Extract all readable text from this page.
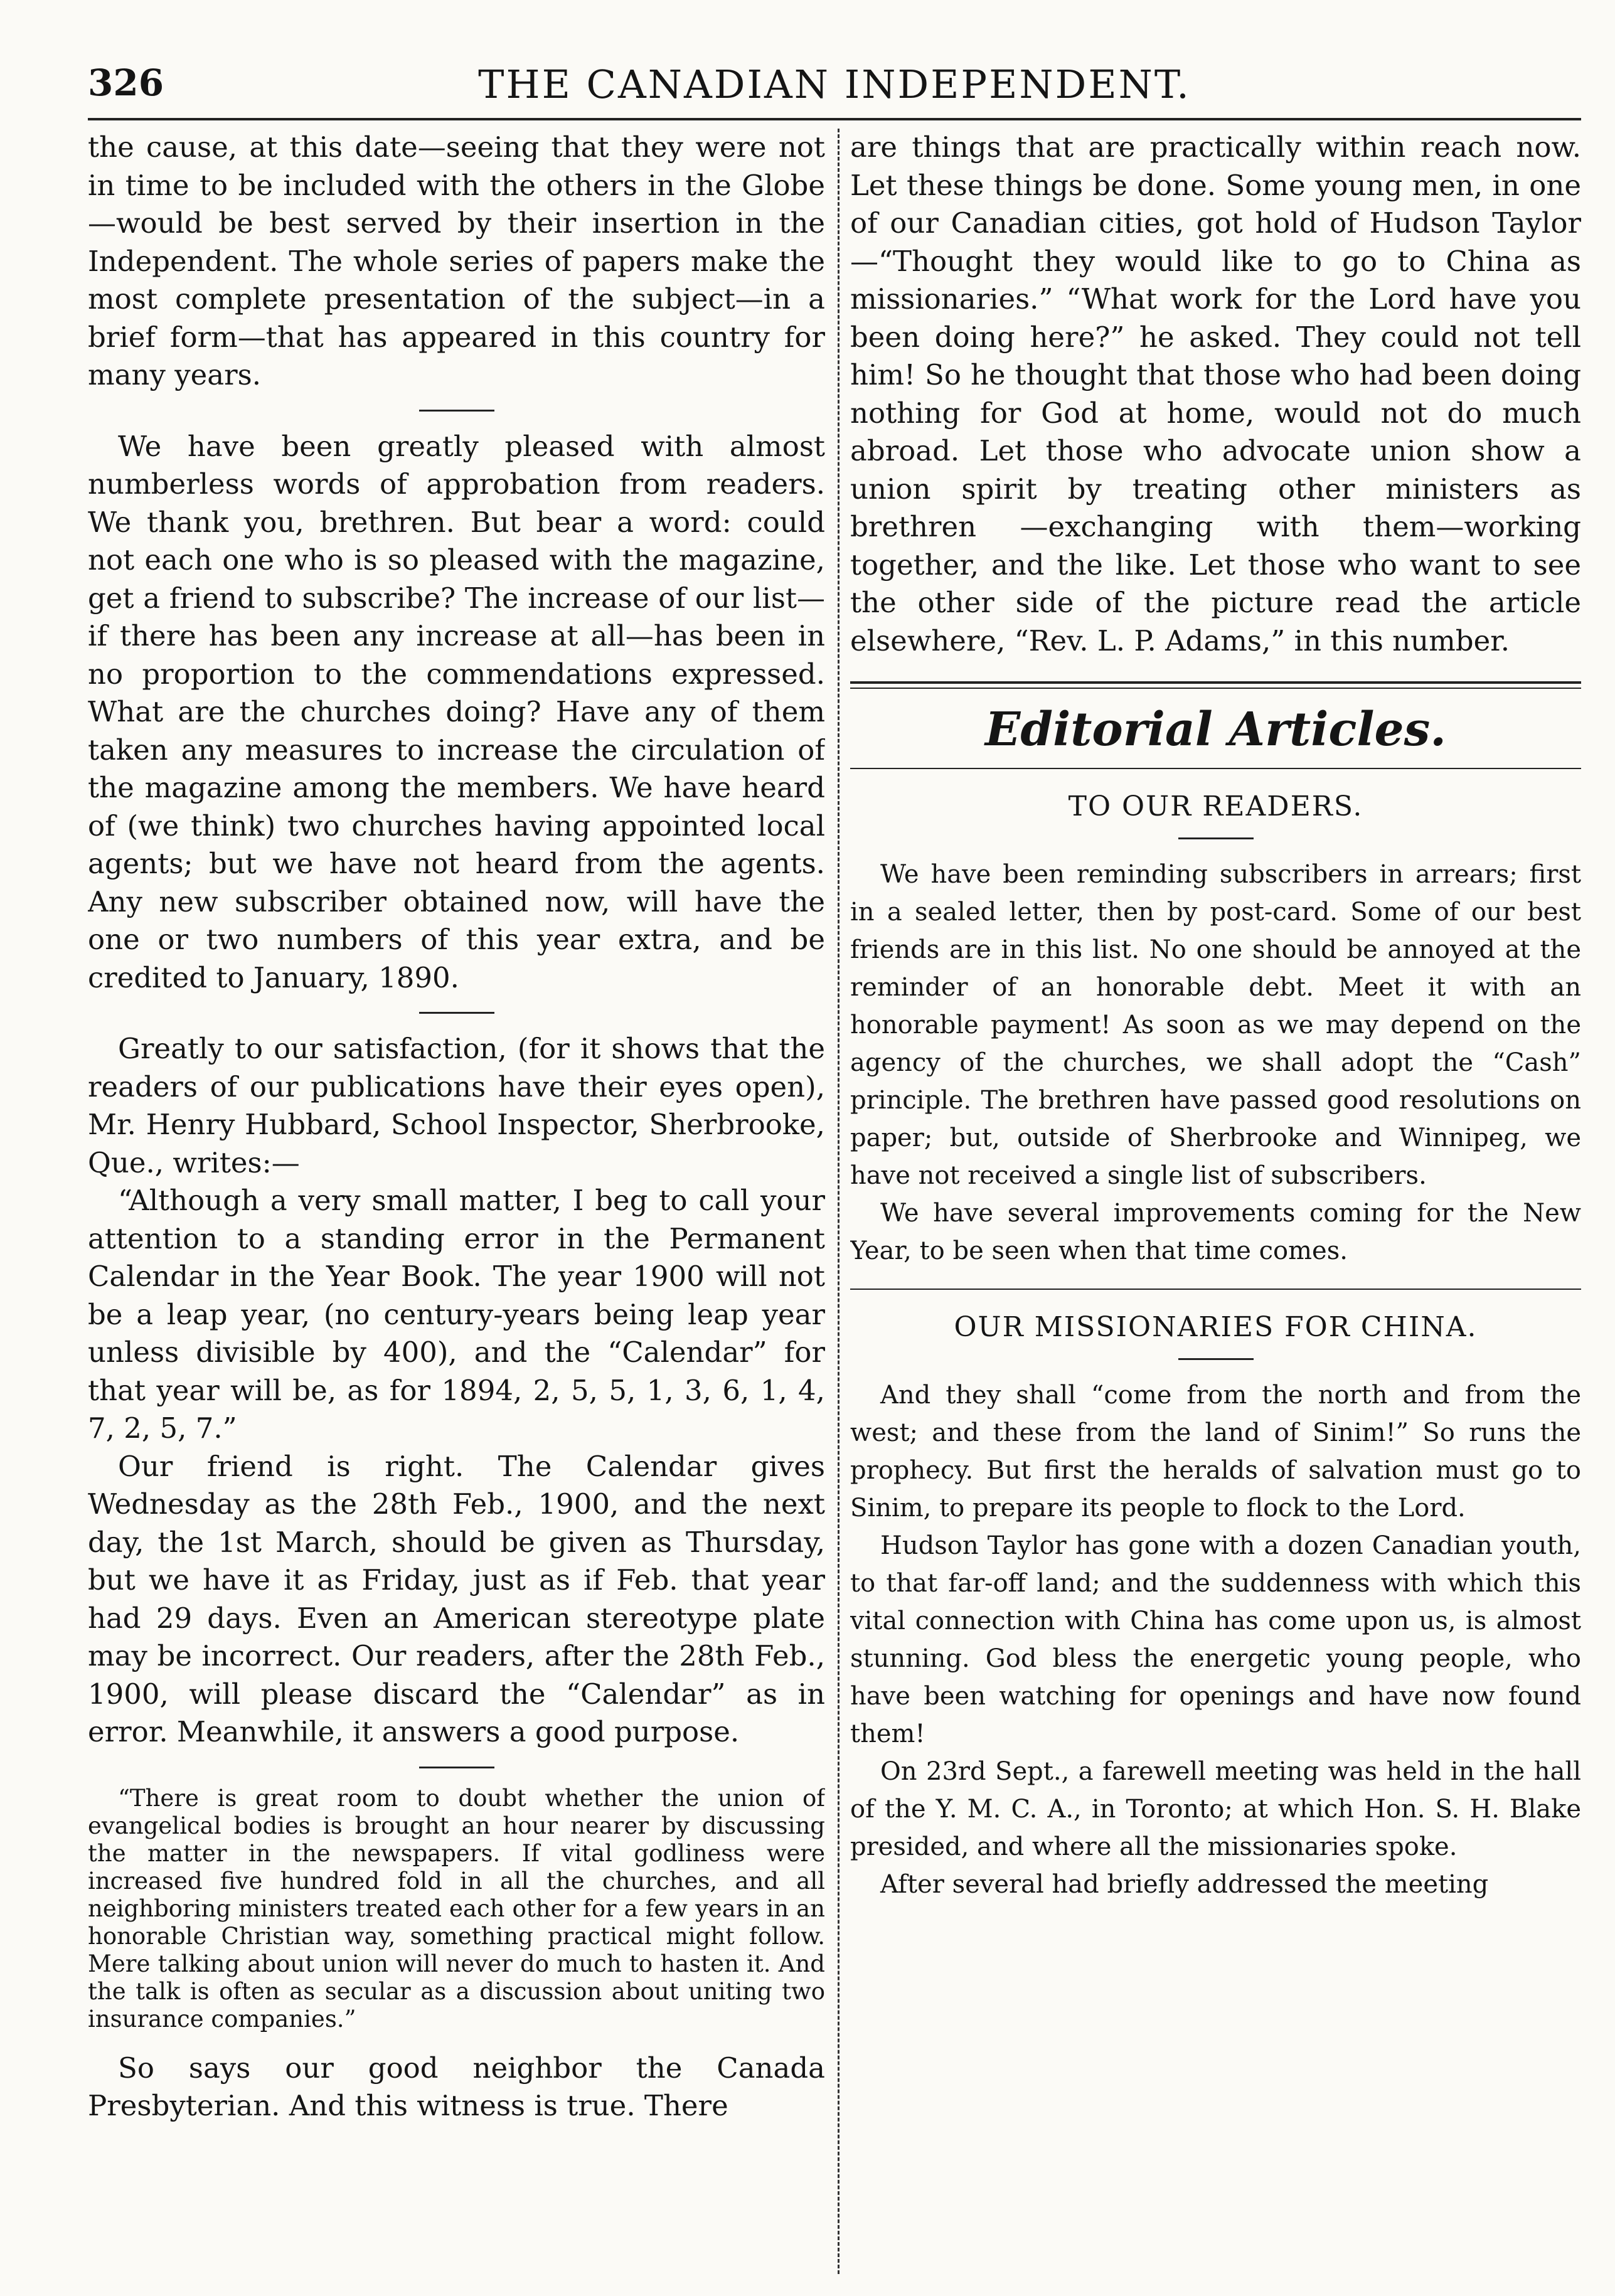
326	THE CANADIAN INDEPENDENT.

the cause, at this date—seeing that they were not in time to be included with the others in the Globe—would be best served by their insertion in the Independent. The whole series of papers make the most complete presentation of the subject—in a brief form—that has appeared in this country for many years.

We have been greatly pleased with almost numberless words of approbation from readers. We thank you, brethren. But bear a word: could not each one who is so pleased with the magazine, get a friend to subscribe? The increase of our list—if there has been any increase at all—has been in no proportion to the commendations expressed. What are the churches doing? Have any of them taken any measures to increase the circulation of the magazine among the members. We have heard of (we think) two churches having appointed local agents; but we have not heard from the agents. Any new subscriber obtained now, will have the one or two numbers of this year extra, and be credited to January, 1890.

Greatly to our satisfaction, (for it shows that the readers of our publications have their eyes open), Mr. Henry Hubbard, School Inspector, Sherbrooke, Que., writes:—

“Although a very small matter, I beg to call your attention to a standing error in the Permanent Calendar in the Year Book. The year 1900 will not be a leap year, (no century-years being leap year unless divisible by 400), and the “Calendar” for that year will be, as for 1894, 2, 5, 5, 1, 3, 6, 1, 4, 7, 2, 5, 7.”

Our friend is right. The Calendar gives Wednesday as the 28th Feb., 1900, and the next day, the 1st March, should be given as Thursday, but we have it as Friday, just as if Feb. that year had 29 days. Even an American stereotype plate may be incorrect. Our readers, after the 28th Feb., 1900, will please discard the “Calendar” as in error. Meanwhile, it answers a good purpose.

“There is great room to doubt whether the union of evangelical bodies is brought an hour nearer by discussing the matter in the newspapers. If vital godliness were increased five hundred fold in all the churches, and all neighboring ministers treated each other for a few years in an honorable Christian way, something practical might follow. Mere talking about union will never do much to hasten it. And the talk is often as secular as a discussion about uniting two insurance companies.”

So says our good neighbor the Canada Presbyterian. And this witness is true. There

are things that are practically within reach now. Let these things be done. Some young men, in one of our Canadian cities, got hold of Hudson Taylor—“Thought they would like to go to China as missionaries.” “What work for the Lord have you been doing here?” he asked. They could not tell him! So he thought that those who had been doing nothing for God at home, would not do much abroad. Let those who advocate union show a union spirit by treating other ministers as brethren —exchanging with them—working together, and the like. Let those who want to see the other side of the picture read the article elsewhere, “Rev. L. P. Adams,” in this number.

Editorial Articles.
TO OUR READERS.

We have been reminding subscribers in arrears; first in a sealed letter, then by post-card. Some of our best friends are in this list. No one should be annoyed at the reminder of an honorable debt. Meet it with an honorable payment! As soon as we may depend on the agency of the churches, we shall adopt the “Cash” principle. The brethren have passed good resolutions on paper; but, outside of Sherbrooke and Winnipeg, we have not received a single list of subscribers.

We have several improvements coming for the New Year, to be seen when that time comes.

OUR MISSIONARIES FOR CHINA.

And they shall “come from the north and from the west; and these from the land of Sinim!” So runs the prophecy. But first the heralds of salvation must go to Sinim, to prepare its people to flock to the Lord.

Hudson Taylor has gone with a dozen Canadian youth, to that far-off land; and the suddenness with which this vital connection with China has come upon us, is almost stunning. God bless the energetic young people, who have been watching for openings and have now found them!

On 23rd Sept., a farewell meeting was held in the hall of the Y. M. C. A., in Toronto; at which Hon. S. H. Blake presided, and where all the missionaries spoke.

After several had briefly addressed the meeting
